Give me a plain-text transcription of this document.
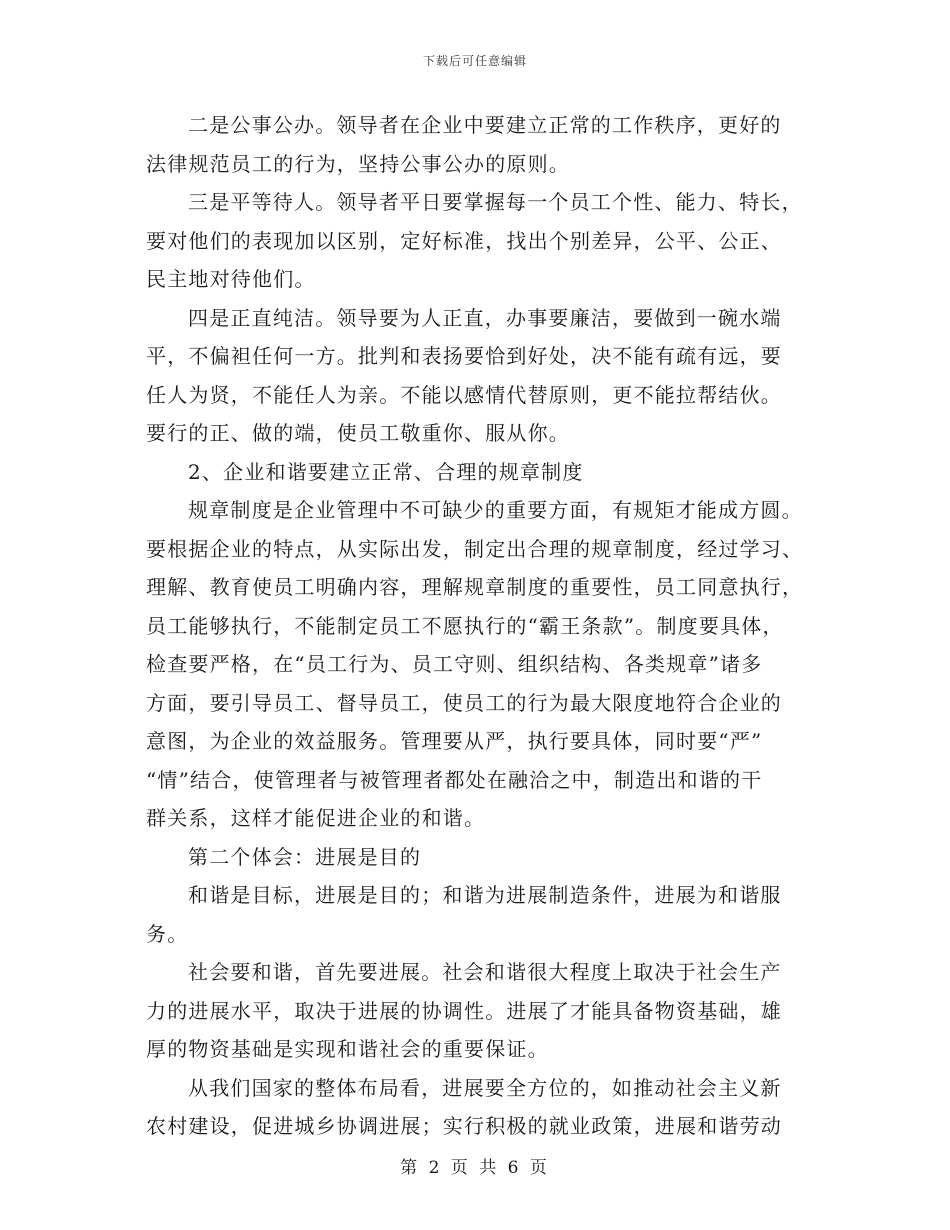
下载后可任意编辑
二是公事公办。领导者在企业中要建立正常的工作秩序，更好的
法律规范员工的行为，坚持公事公办的原则。
三是平等待人。领导者平日要掌握每一个员工个性、能力、特长，
要对他们的表现加以区别，定好标准，找出个别差异，公平、公正、
民主地对待他们。
四是正直纯洁。领导要为人正直，办事要廉洁，要做到一碗水端
平，不偏袒任何一方。批判和表扬要恰到好处，决不能有疏有远，要
任人为贤，不能任人为亲。不能以感情代替原则，更不能拉帮结伙。
要行的正、做的端，使员工敬重你、服从你。
2、企业和谐要建立正常、合理的规章制度
规章制度是企业管理中不可缺少的重要方面，有规矩才能成方圆。
要根据企业的特点，从实际出发，制定出合理的规章制度，经过学习、
理解、教育使员工明确内容，理解规章制度的重要性，员工同意执行，
员工能够执行，不能制定员工不愿执行的“霸王条款”。制度要具体，
检查要严格，在“员工行为、员工守则、组织结构、各类规章”诸多
方面，要引导员工、督导员工，使员工的行为最大限度地符合企业的
意图，为企业的效益服务。管理要从严，执行要具体，同时要“严”
“情”结合，使管理者与被管理者都处在融洽之中，制造出和谐的干
群关系，这样才能促进企业的和谐。
第二个体会：进展是目的
和谐是目标，进展是目的；和谐为进展制造条件，进展为和谐服
务。
社会要和谐，首先要进展。社会和谐很大程度上取决于社会生产
力的进展水平，取决于进展的协调性。进展了才能具备物资基础，雄
厚的物资基础是实现和谐社会的重要保证。
从我们国家的整体布局看，进展要全方位的，如推动社会主义新
农村建设，促进城乡协调进展；实行积极的就业政策，进展和谐劳动
第 2 页 共 6 页
